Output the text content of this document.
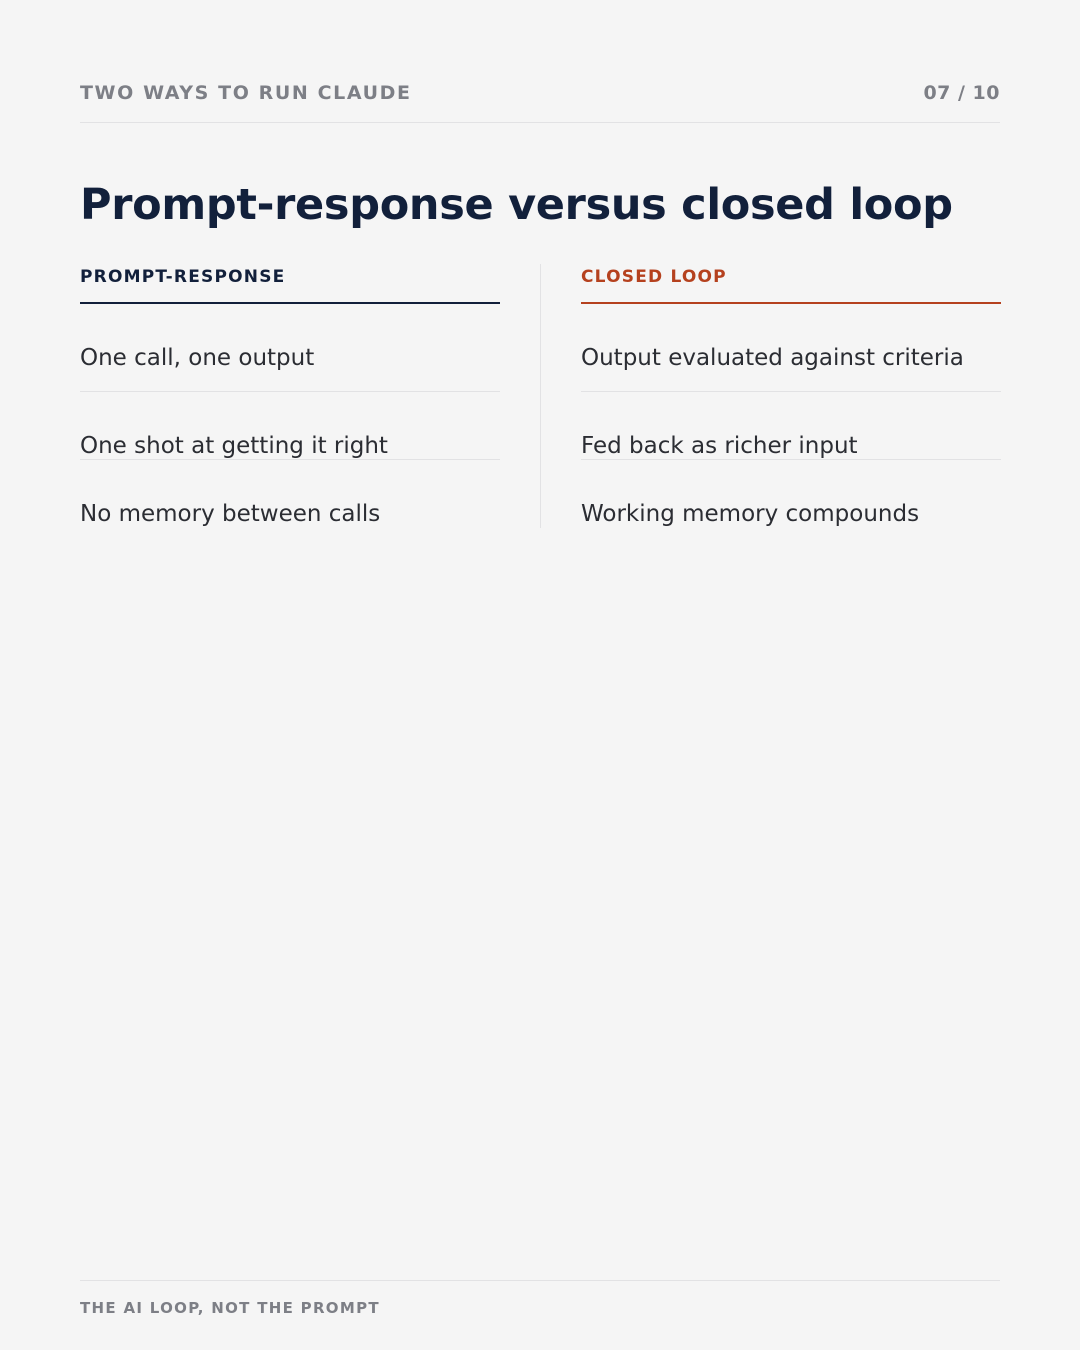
TWO WAYS TO RUN CLAUDE	07 / 10
Prompt-response versus closed loop
PROMPT-RESPONSE
One call, one output
One shot at getting it right
No memory between calls
CLOSED LOOP
Output evaluated against criteria
Fed back as richer input
Working memory compounds
THE AI LOOP, NOT THE PROMPT
